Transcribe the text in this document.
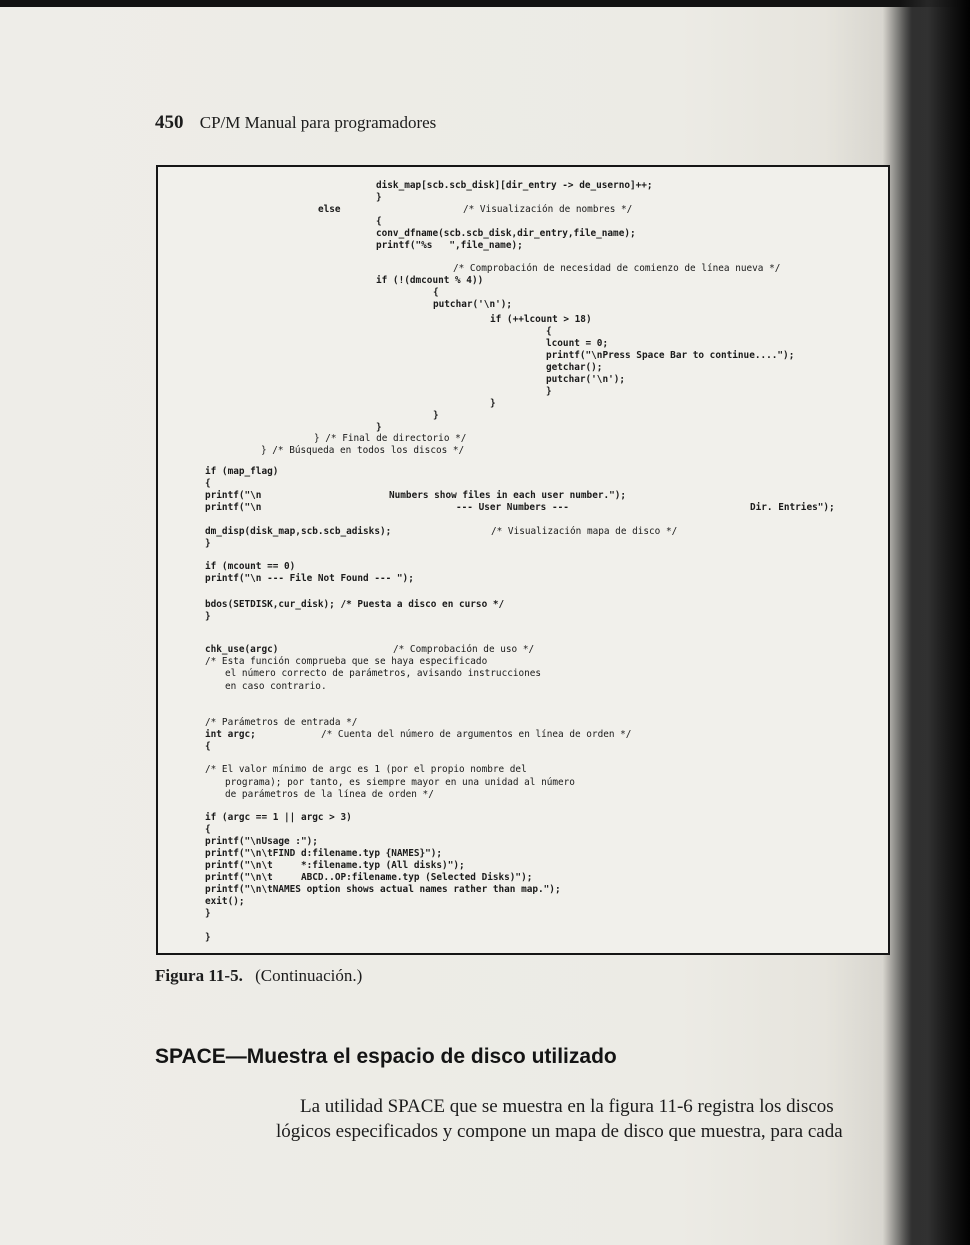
450 CP/M Manual para programadores
disk_map[scb.scb_disk][dir_entry -> de_userno]++;
}
else	/* Visualización de nombres */
{
conv_dfname(scb.scb_disk,dir_entry,file_name);
printf("%s   ",file_name);
/* Comprobación de necesidad de comienzo de línea nueva */
if (!(dmcount % 4))
{
putchar('\n');
if (++lcount > 18)
{
lcount = 0;
printf("\nPress Space Bar to continue....");
getchar();
putchar('\n');
}
}
}
}
} /* Final de directorio */
} /* Búsqueda en todos los discos */
if (map_flag)
{
printf("\n	Numbers show files in each user number.");
printf("\n	--- User Numbers ---	Dir. Entries");
dm_disp(disk_map,scb.scb_adisks);	/* Visualización mapa de disco */
}
if (mcount == 0)
printf("\n --- File Not Found --- ");
bdos(SETDISK,cur_disk); /* Puesta a disco en curso */
}
chk_use(argc)	/* Comprobación de uso */
/* Esta función comprueba que se haya especificado
el número correcto de parámetros, avisando instrucciones
en caso contrario.
/* Parámetros de entrada */
int argc;	/* Cuenta del número de argumentos en línea de orden */
{
/* El valor mínimo de argc es 1 (por el propio nombre del
programa); por tanto, es siempre mayor en una unidad al número
de parámetros de la línea de orden */
if (argc == 1 || argc > 3)
{
printf("\nUsage :");
printf("\n\tFIND d:filename.typ {NAMES}");
printf("\n\t     *:filename.typ (All disks)");
printf("\n\t     ABCD..OP:filename.typ (Selected Disks)");
printf("\n\tNAMES option shows actual names rather than map.");
exit();
}
}
Figura 11-5. (Continuación.)
SPACE—Muestra el espacio de disco utilizado

La utilidad SPACE que se muestra en la figura 11-6 registra los discos
lógicos especificados y compone un mapa de disco que muestra, para cada
